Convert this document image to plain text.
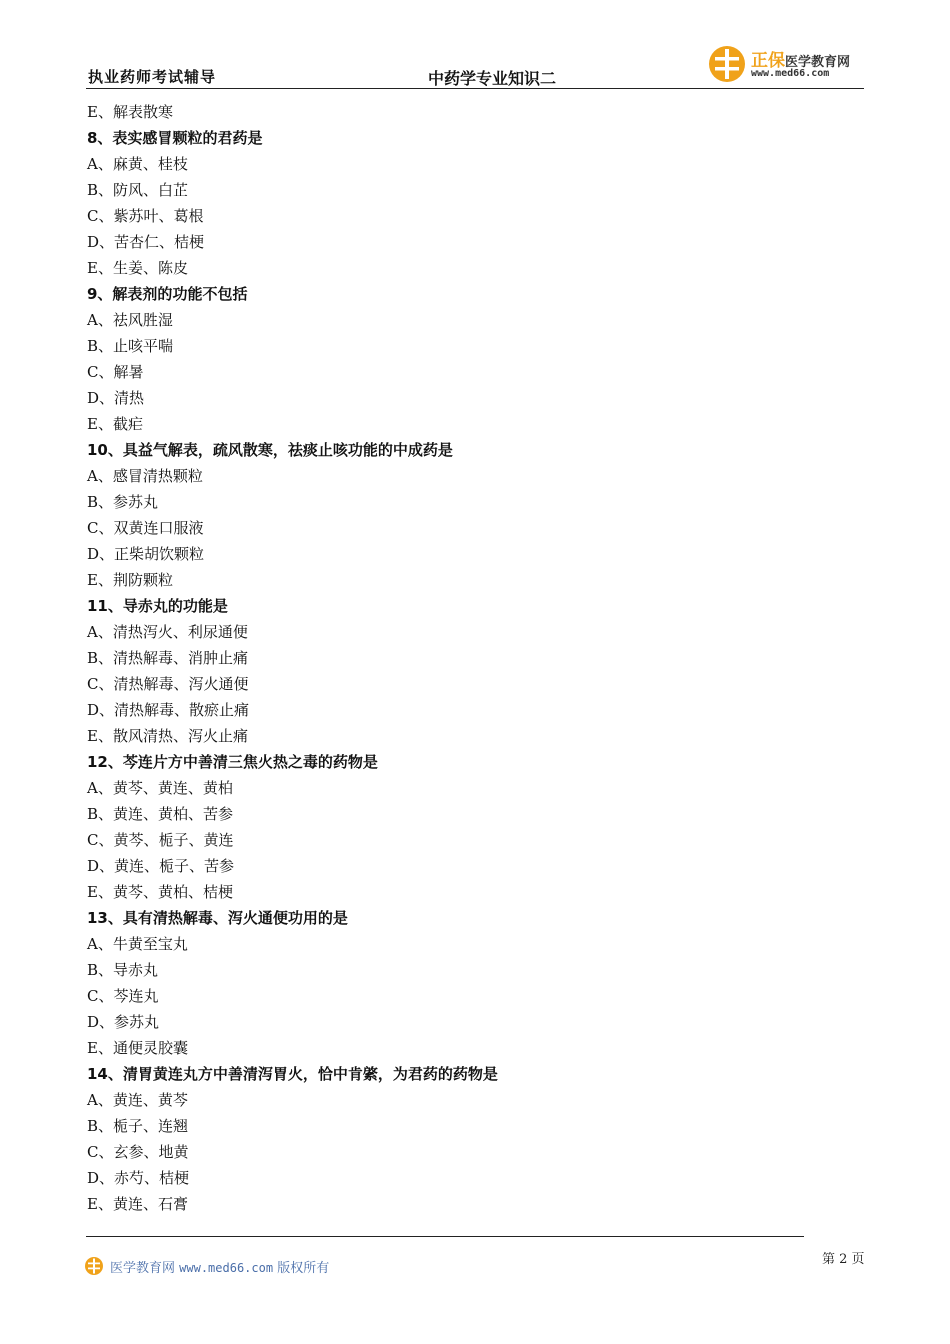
执业药师考试辅导	中药学专业知识二
正保医学教育网
www.med66.com
E、解表散寒
8、表实感冒颗粒的君药是
A、麻黄、桂枝
B、防风、白芷
C、紫苏叶、葛根
D、苦杏仁、桔梗
E、生姜、陈皮
9、解表剂的功能不包括
A、祛风胜湿
B、止咳平喘
C、解暑
D、清热
E、截疟
10、具益气解表，疏风散寒，祛痰止咳功能的中成药是
A、感冒清热颗粒
B、参苏丸
C、双黄连口服液
D、正柴胡饮颗粒
E、荆防颗粒
11、导赤丸的功能是
A、清热泻火、利尿通便
B、清热解毒、消肿止痛
C、清热解毒、泻火通便
D、清热解毒、散瘀止痛
E、散风清热、泻火止痛
12、芩连片方中善清三焦火热之毒的药物是
A、黄芩、黄连、黄柏
B、黄连、黄柏、苦参
C、黄芩、栀子、黄连
D、黄连、栀子、苦参
E、黄芩、黄柏、桔梗
13、具有清热解毒、泻火通便功用的是
A、牛黄至宝丸
B、导赤丸
C、芩连丸
D、参苏丸
E、通便灵胶囊
14、清胃黄连丸方中善清泻胃火，恰中肯綮，为君药的药物是
A、黄连、黄芩
B、栀子、连翘
C、玄参、地黄
D、赤芍、桔梗
E、黄连、石膏
医学教育网 www.med66.com 版权所有
第 2 页
